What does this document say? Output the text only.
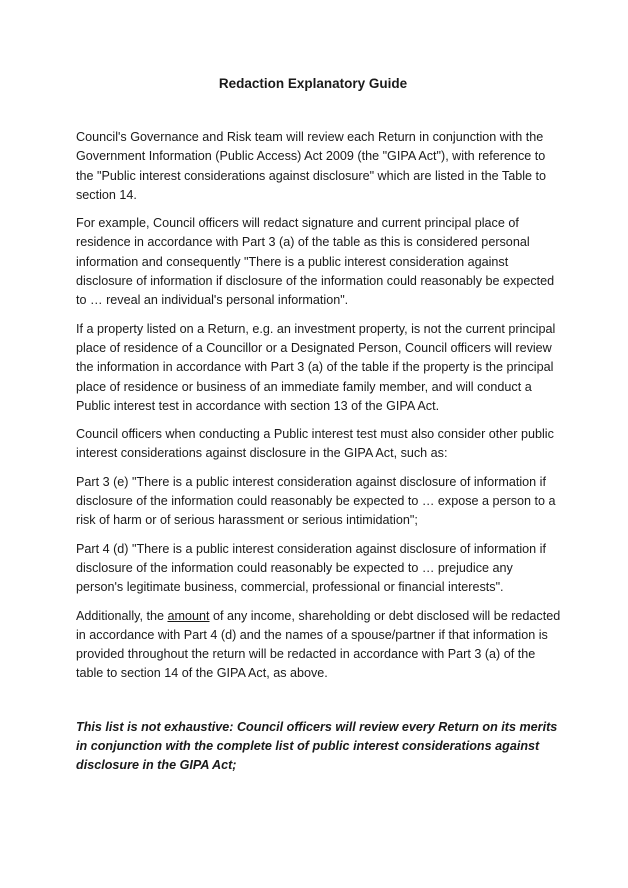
Redaction Explanatory Guide

Council's Governance and Risk team will review each Return in conjunction with the Government Information (Public Access) Act 2009 (the "GIPA Act"), with reference to the "Public interest considerations against disclosure" which are listed in the Table to section 14.

For example, Council officers will redact signature and current principal place of residence in accordance with Part 3 (a) of the table as this is considered personal information and consequently "There is a public interest consideration against disclosure of information if disclosure of the information could reasonably be expected to … reveal an individual's personal information".

If a property listed on a Return, e.g. an investment property, is not the current principal place of residence of a Councillor or a Designated Person, Council officers will review the information in accordance with Part 3 (a) of the table if the property is the principal place of residence or business of an immediate family member, and will conduct a Public interest test in accordance with section 13 of the GIPA Act.

Council officers when conducting a Public interest test must also consider other public interest considerations against disclosure in the GIPA Act, such as:

Part 3 (e) "There is a public interest consideration against disclosure of information if disclosure of the information could reasonably be expected to … expose a person to a risk of harm or of serious harassment or serious intimidation";

Part 4 (d) "There is a public interest consideration against disclosure of information if disclosure of the information could reasonably be expected to … prejudice any person's legitimate business, commercial, professional or financial interests".

Additionally, the amount of any income, shareholding or debt disclosed will be redacted in accordance with Part 4 (d) and the names of a spouse/partner if that information is provided throughout the return will be redacted in accordance with Part 3 (a) of the table to section 14 of the GIPA Act, as above.

This list is not exhaustive: Council officers will review every Return on its merits in conjunction with the complete list of public interest considerations against disclosure in the GIPA Act;
